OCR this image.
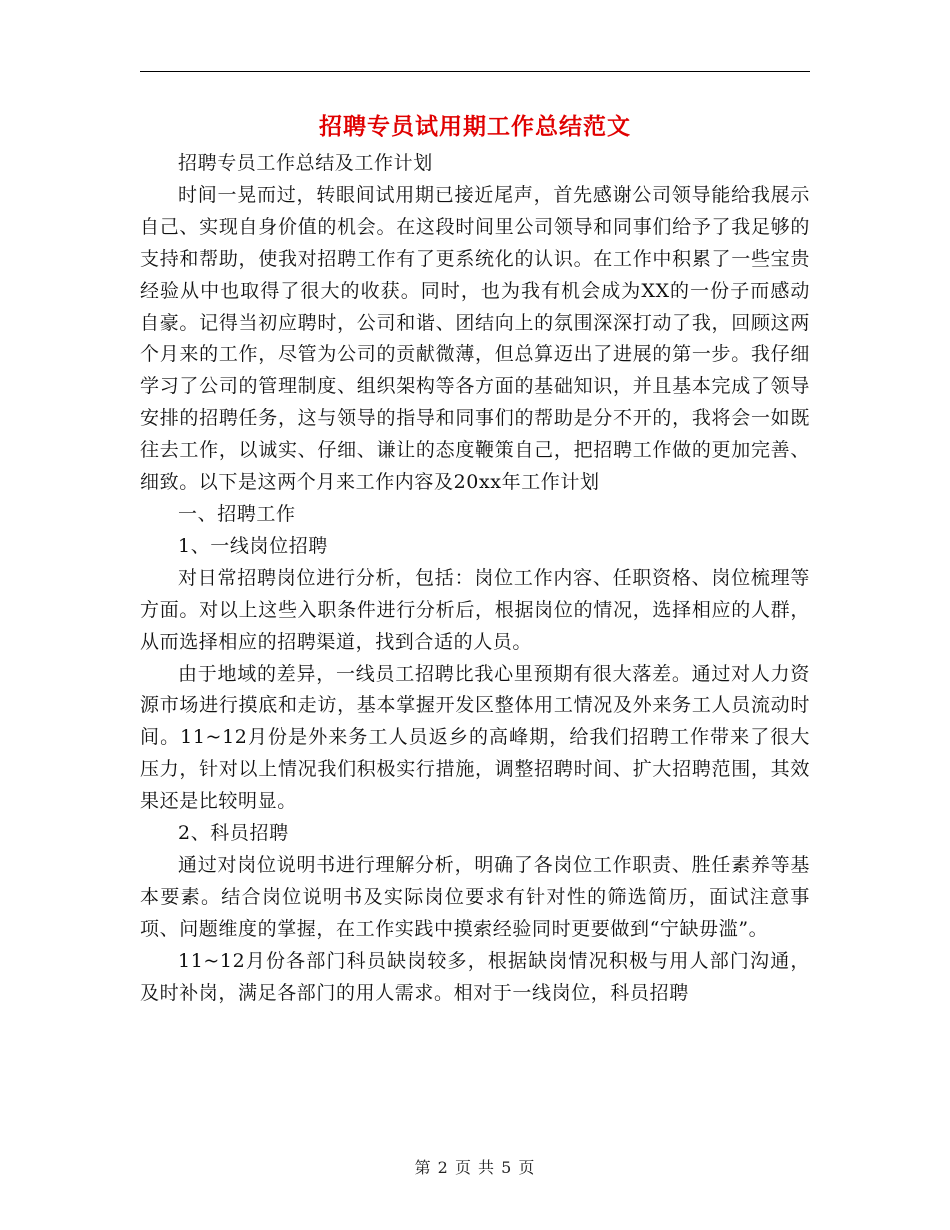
招聘专员试用期工作总结范文

招聘专员工作总结及工作计划

时间一晃而过，转眼间试用期已接近尾声，首先感谢公司领导能给我展示自己、实现自身价值的机会。在这段时间里公司领导和同事们给予了我足够的支持和帮助，使我对招聘工作有了更系统化的认识。在工作中积累了一些宝贵经验从中也取得了很大的收获。同时，也为我有机会成为XX的一份子而感动自豪。记得当初应聘时，公司和谐、团结向上的氛围深深打动了我，回顾这两个月来的工作，尽管为公司的贡献微薄，但总算迈出了进展的第一步。我仔细学习了公司的管理制度、组织架构等各方面的基础知识，并且基本完成了领导安排的招聘任务，这与领导的指导和同事们的帮助是分不开的，我将会一如既往去工作，以诚实、仔细、谦让的态度鞭策自己，把招聘工作做的更加完善、细致。以下是这两个月来工作内容及20xx年工作计划

一、招聘工作

1、一线岗位招聘

对日常招聘岗位进行分析，包括：岗位工作内容、任职资格、岗位梳理等方面。对以上这些入职条件进行分析后，根据岗位的情况，选择相应的人群，从而选择相应的招聘渠道，找到合适的人员。

由于地域的差异，一线员工招聘比我心里预期有很大落差。通过对人力资源市场进行摸底和走访，基本掌握开发区整体用工情况及外来务工人员流动时间。11~12月份是外来务工人员返乡的高峰期，给我们招聘工作带来了很大压力，针对以上情况我们积极实行措施，调整招聘时间、扩大招聘范围，其效果还是比较明显。

2、科员招聘

通过对岗位说明书进行理解分析，明确了各岗位工作职责、胜任素养等基本要素。结合岗位说明书及实际岗位要求有针对性的筛选简历，面试注意事项、问题维度的掌握，在工作实践中摸索经验同时更要做到“宁缺毋滥”。

11~12月份各部门科员缺岗较多，根据缺岗情况积极与用人部门沟通，及时补岗，满足各部门的用人需求。相对于一线岗位，科员招聘

第 2 页 共 5 页
